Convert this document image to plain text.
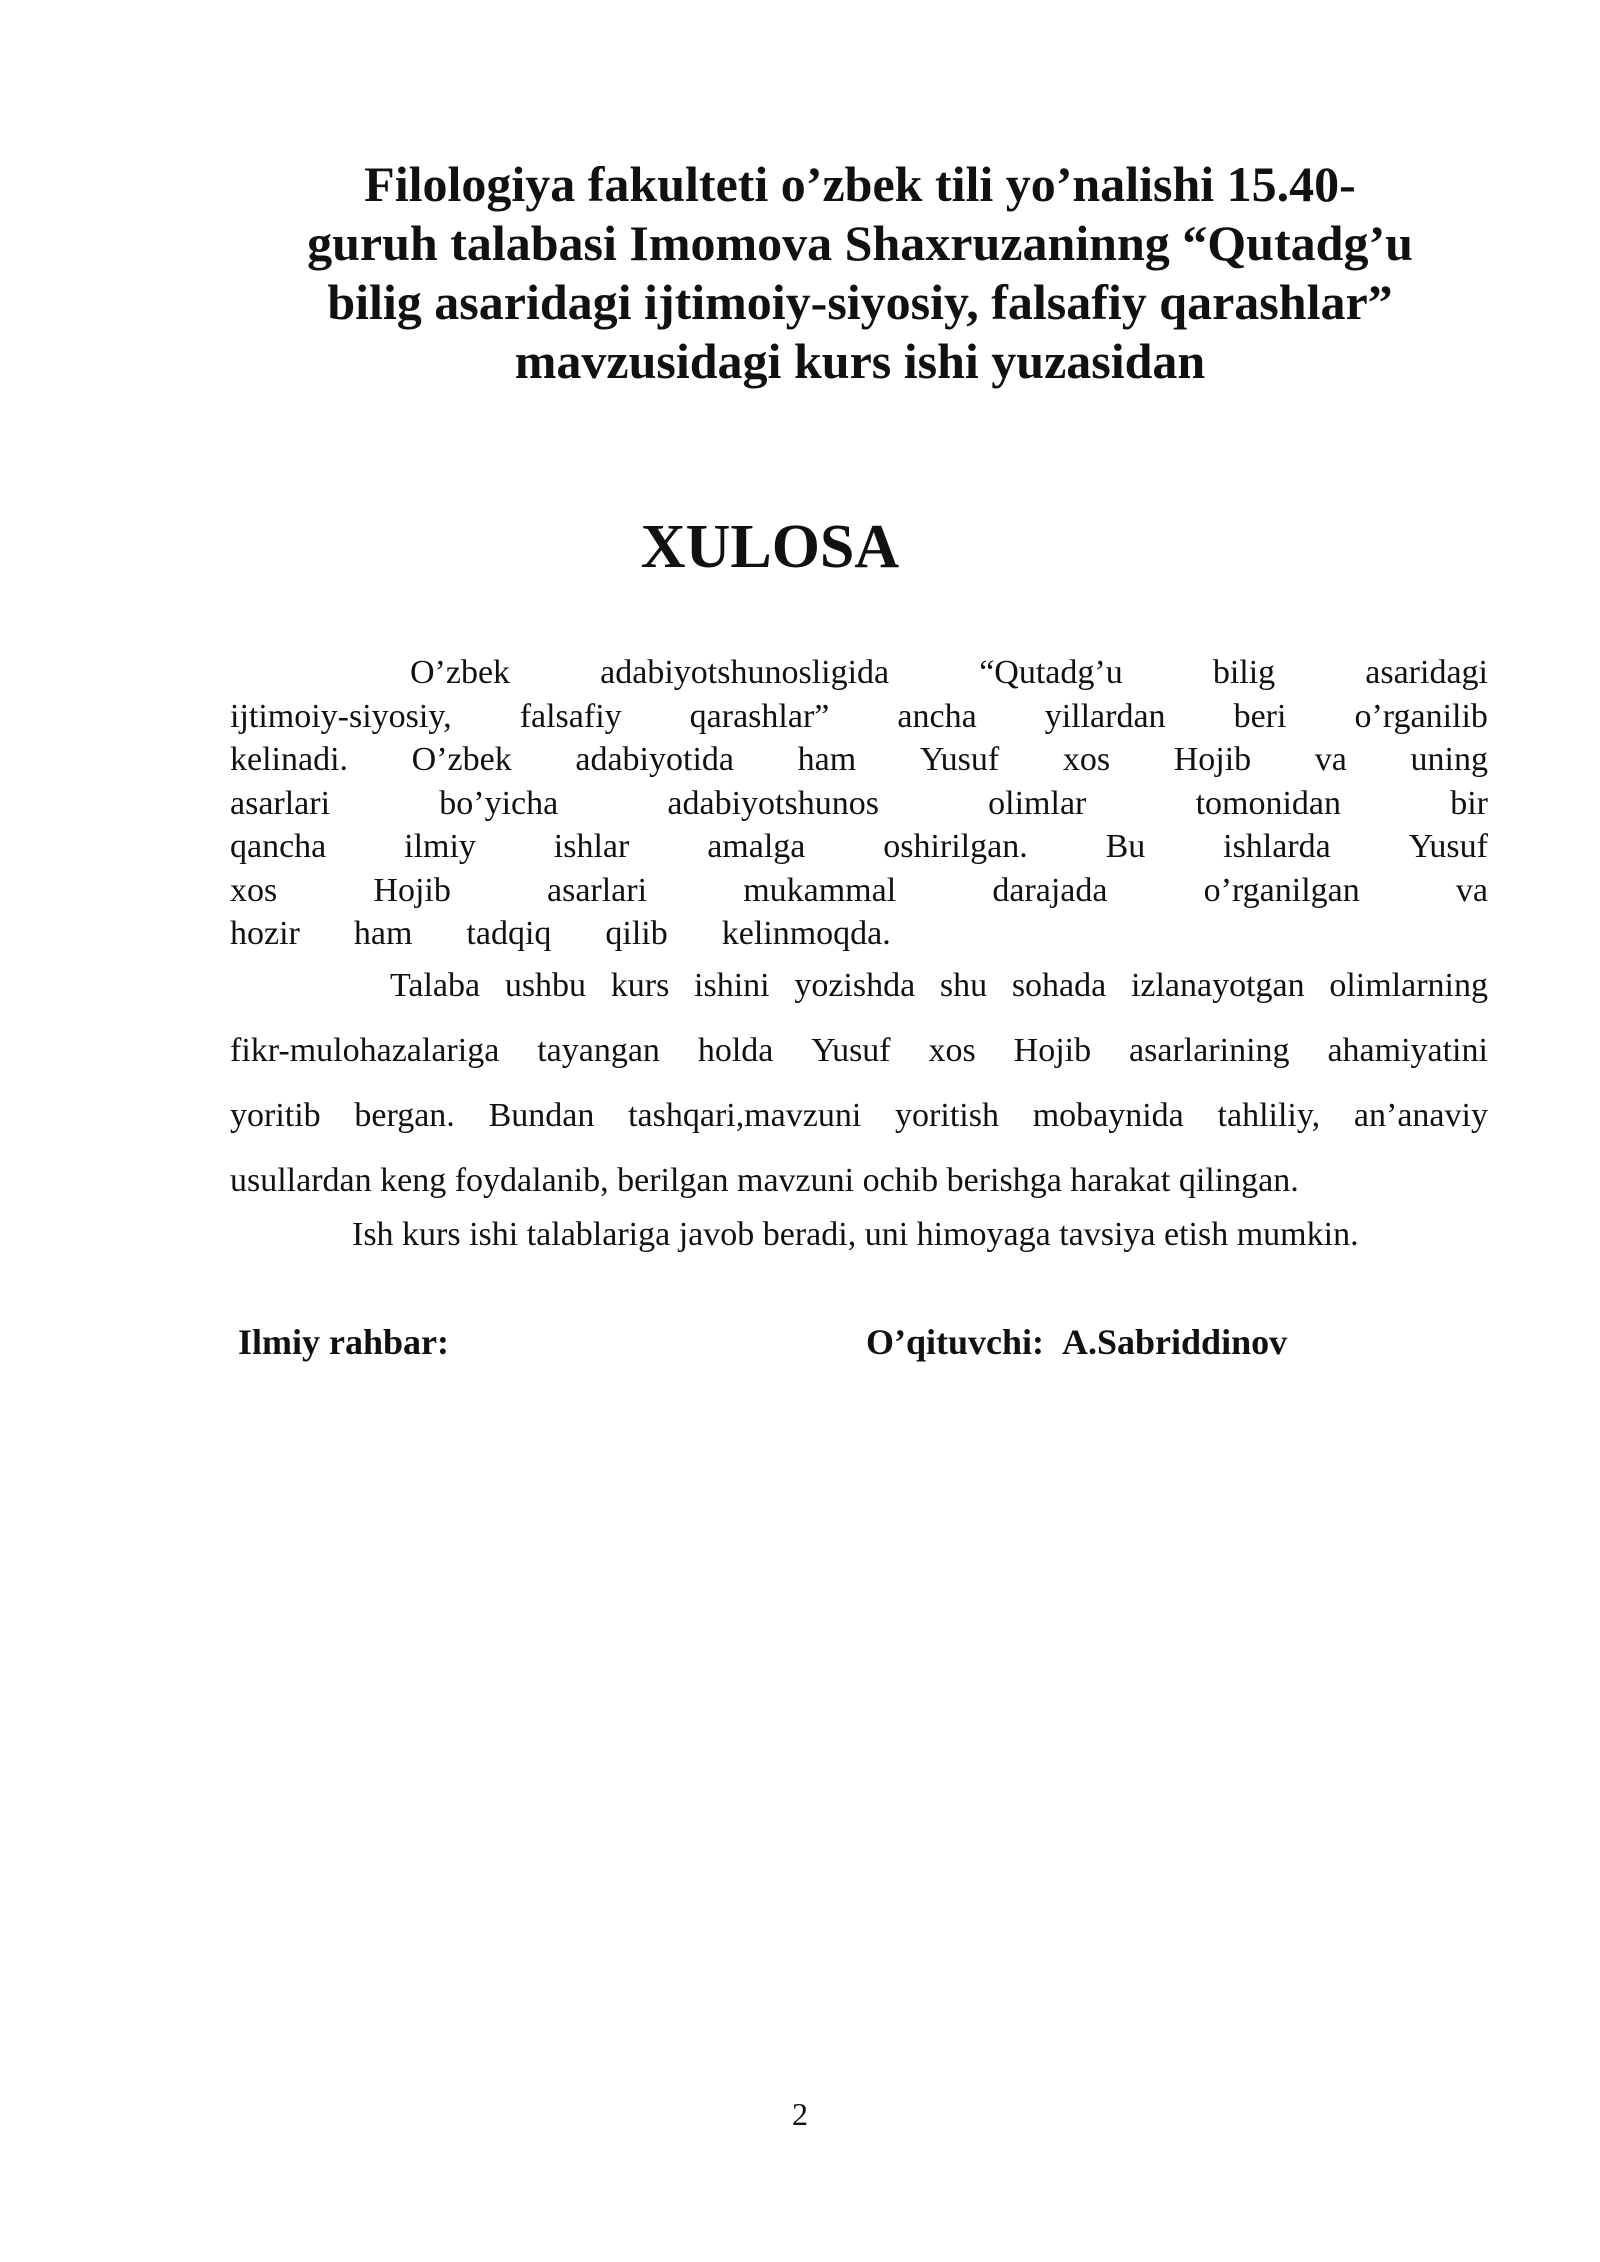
Filologiya fakulteti o’zbek tili yo’nalishi 15.40-
guruh talabasi Imomova Shaxruzaninng “Qutadg’u
bilig asaridagi ijtimoiy-siyosiy, falsafiy qarashlar”
mavzusidagi kurs ishi yuzasidan
XULOSA
O’zbek	adabiyotshunosligida	“Qutadg’u	bilig	asaridagi
ijtimoiy-siyosiy, falsafiy qarashlar” ancha yillardan beri o’rganilib
kelinadi. O’zbek adabiyotida ham Yusuf xos Hojib va uning
asarlari	bo’yicha	adabiyotshunos	olimlar	tomonidan	bir
qancha ilmiy ishlar amalga oshirilgan. Bu ishlarda Yusuf
xos	Hojib	asarlari	mukammal	darajada	o’rganilgan	va
hozir ham tadqiq qilib kelinmoqda.
Talaba ushbu kurs ishini yozishda shu sohada izlanayotgan olimlarning
fikr-mulohazalariga tayangan holda Yusuf xos Hojib asarlarining ahamiyatini
yoritib bergan. Bundan tashqari,mavzuni yoritish mobaynida tahliliy, an’anaviy
usullardan keng foydalanib, berilgan mavzuni ochib berishga harakat qilingan.
Ish kurs ishi talablariga javob beradi, uni himoyaga tavsiya etish mumkin.
Ilmiy rahbar:	O’qituvchi: A.Sabriddinov
2
